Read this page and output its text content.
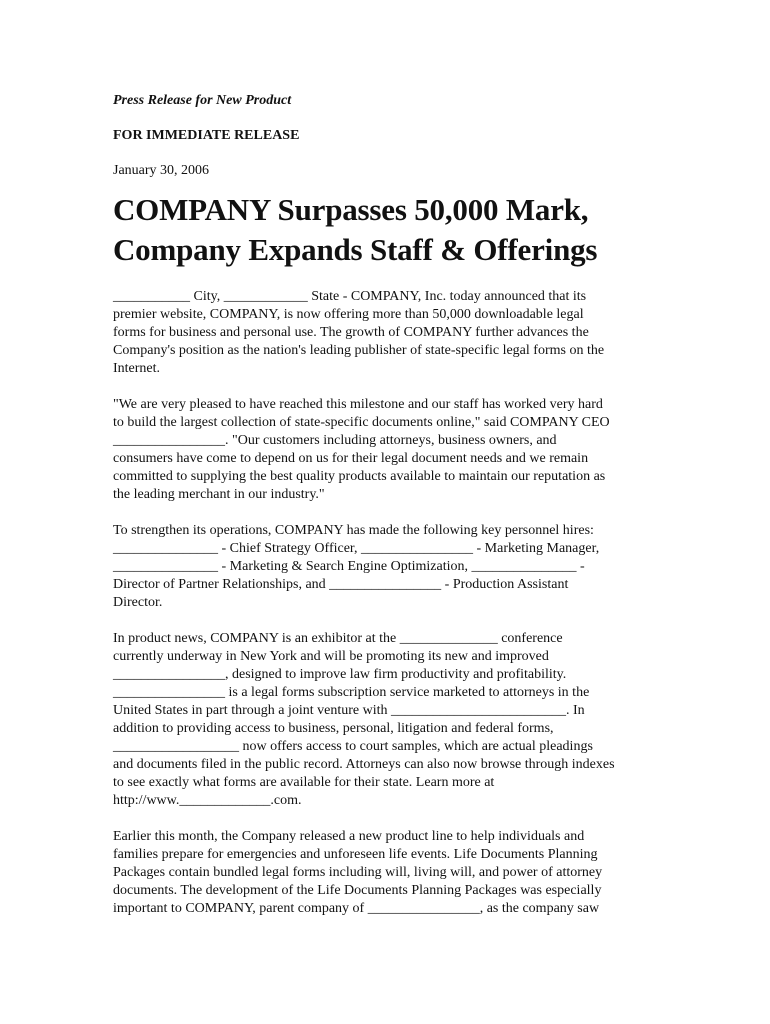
Press Release for New Product
FOR IMMEDIATE RELEASE
January 30, 2006
COMPANY Surpasses 50,000 Mark,
Company Expands Staff & Offerings

___________ City, ____________ State - COMPANY, Inc. today announced that its
premier website, COMPANY, is now offering more than 50,000 downloadable legal
forms for business and personal use. The growth of COMPANY further advances the
Company's position as the nation's leading publisher of state-specific legal forms on the
Internet.

"We are very pleased to have reached this milestone and our staff has worked very hard
to build the largest collection of state-specific documents online," said COMPANY CEO
________________. "Our customers including attorneys, business owners, and
consumers have come to depend on us for their legal document needs and we remain
committed to supplying the best quality products available to maintain our reputation as
the leading merchant in our industry."

To strengthen its operations, COMPANY has made the following key personnel hires:
_______________ - Chief Strategy Officer, ________________ - Marketing Manager,
_______________ - Marketing & Search Engine Optimization, _______________ -
Director of Partner Relationships, and ________________ - Production Assistant
Director.

In product news, COMPANY is an exhibitor at the ______________ conference
currently underway in New York and will be promoting its new and improved
________________, designed to improve law firm productivity and profitability.
________________ is a legal forms subscription service marketed to attorneys in the
United States in part through a joint venture with _________________________. In
addition to providing access to business, personal, litigation and federal forms,
__________________ now offers access to court samples, which are actual pleadings
and documents filed in the public record. Attorneys can also now browse through indexes
to see exactly what forms are available for their state. Learn more at
http://www._____________.com.

Earlier this month, the Company released a new product line to help individuals and
families prepare for emergencies and unforeseen life events. Life Documents Planning
Packages contain bundled legal forms including will, living will, and power of attorney
documents. The development of the Life Documents Planning Packages was especially
important to COMPANY, parent company of ________________, as the company saw
